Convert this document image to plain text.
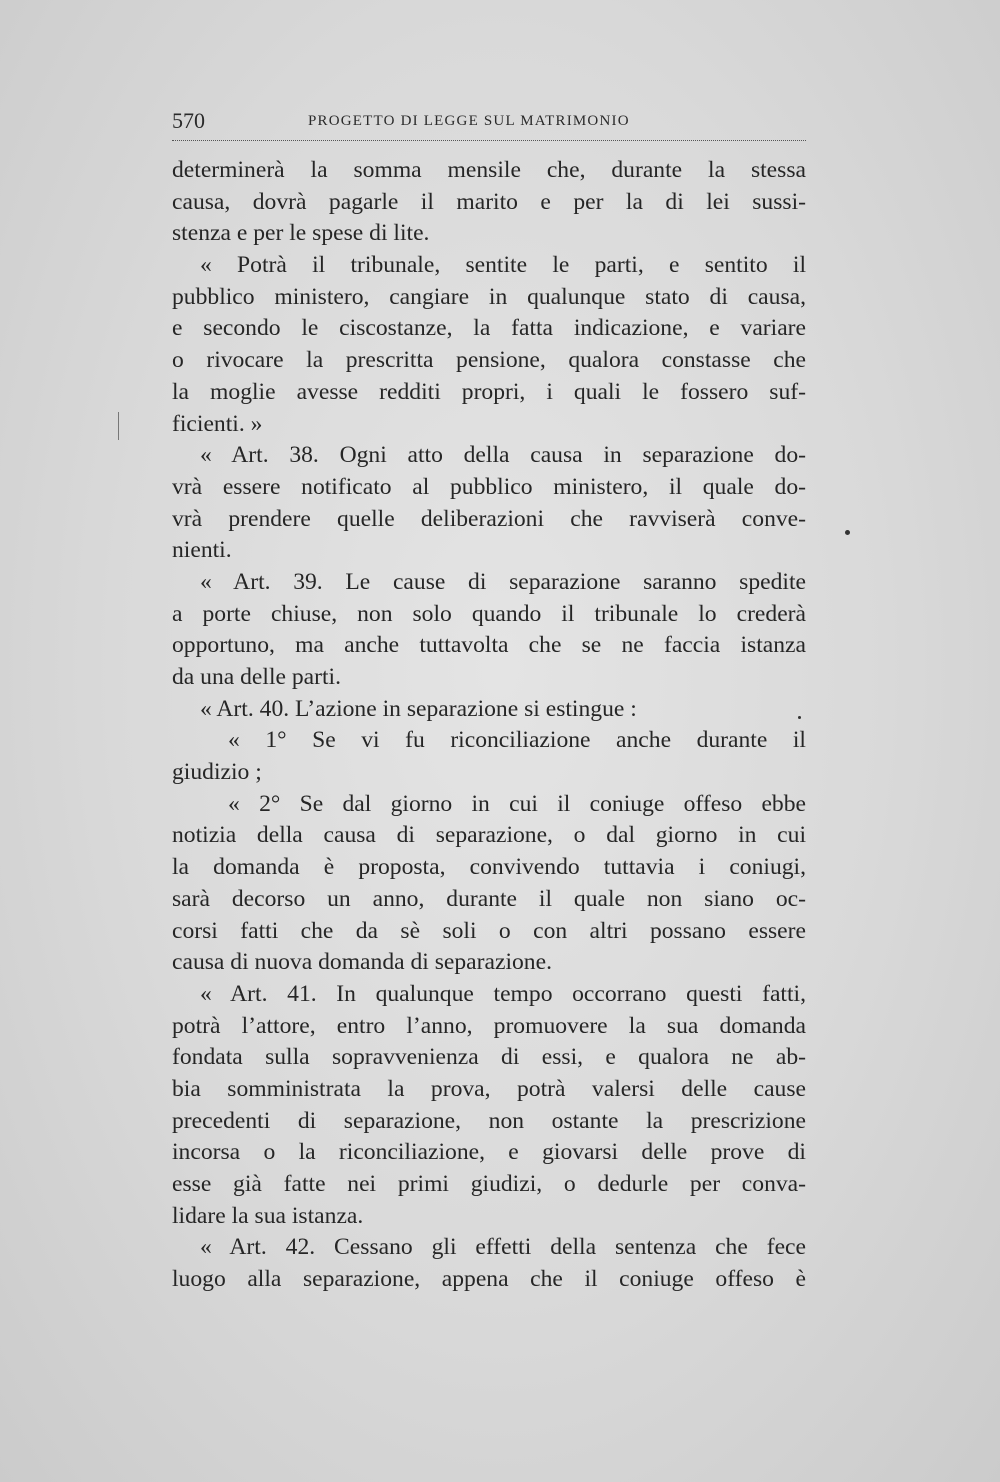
570	PROGETTO DI LEGGE SUL MATRIMONIO
determinerà la somma mensile che, durante la stessa
causa, dovrà pagarle il marito e per la di lei sussi-
stenza e per le spese di lite.
« Potrà il tribunale, sentite le parti, e sentito il
pubblico ministero, cangiare in qualunque stato di causa,
e secondo le ciscostanze, la fatta indicazione, e variare
o rivocare la prescritta pensione, qualora constasse che
la moglie avesse redditi propri, i quali le fossero suf-
ficienti. »
« Art. 38. Ogni atto della causa in separazione do-
vrà essere notificato al pubblico ministero, il quale do-
vrà prendere quelle deliberazioni che ravviserà conve-
nienti.
« Art. 39. Le cause di separazione saranno spedite
a porte chiuse, non solo quando il tribunale lo crederà
opportuno, ma anche tuttavolta che se ne faccia istanza
da una delle parti.
« Art. 40. L’azione in separazione si estingue :
« 1° Se vi fu riconciliazione anche durante il
giudizio ;
« 2° Se dal giorno in cui il coniuge offeso ebbe
notizia della causa di separazione, o dal giorno in cui
la domanda è proposta, convivendo tuttavia i coniugi,
sarà decorso un anno, durante il quale non siano oc-
corsi fatti che da sè soli o con altri possano essere
causa di nuova domanda di separazione.
« Art. 41. In qualunque tempo occorrano questi fatti,
potrà l’attore, entro l’anno, promuovere la sua domanda
fondata sulla sopravvenienza di essi, e qualora ne ab-
bia somministrata la prova, potrà valersi delle cause
precedenti di separazione, non ostante la prescrizione
incorsa o la riconciliazione, e giovarsi delle prove di
esse già fatte nei primi giudizi, o dedurle per conva-
lidare la sua istanza.
« Art. 42. Cessano gli effetti della sentenza che fece
luogo alla separazione, appena che il coniuge offeso è
